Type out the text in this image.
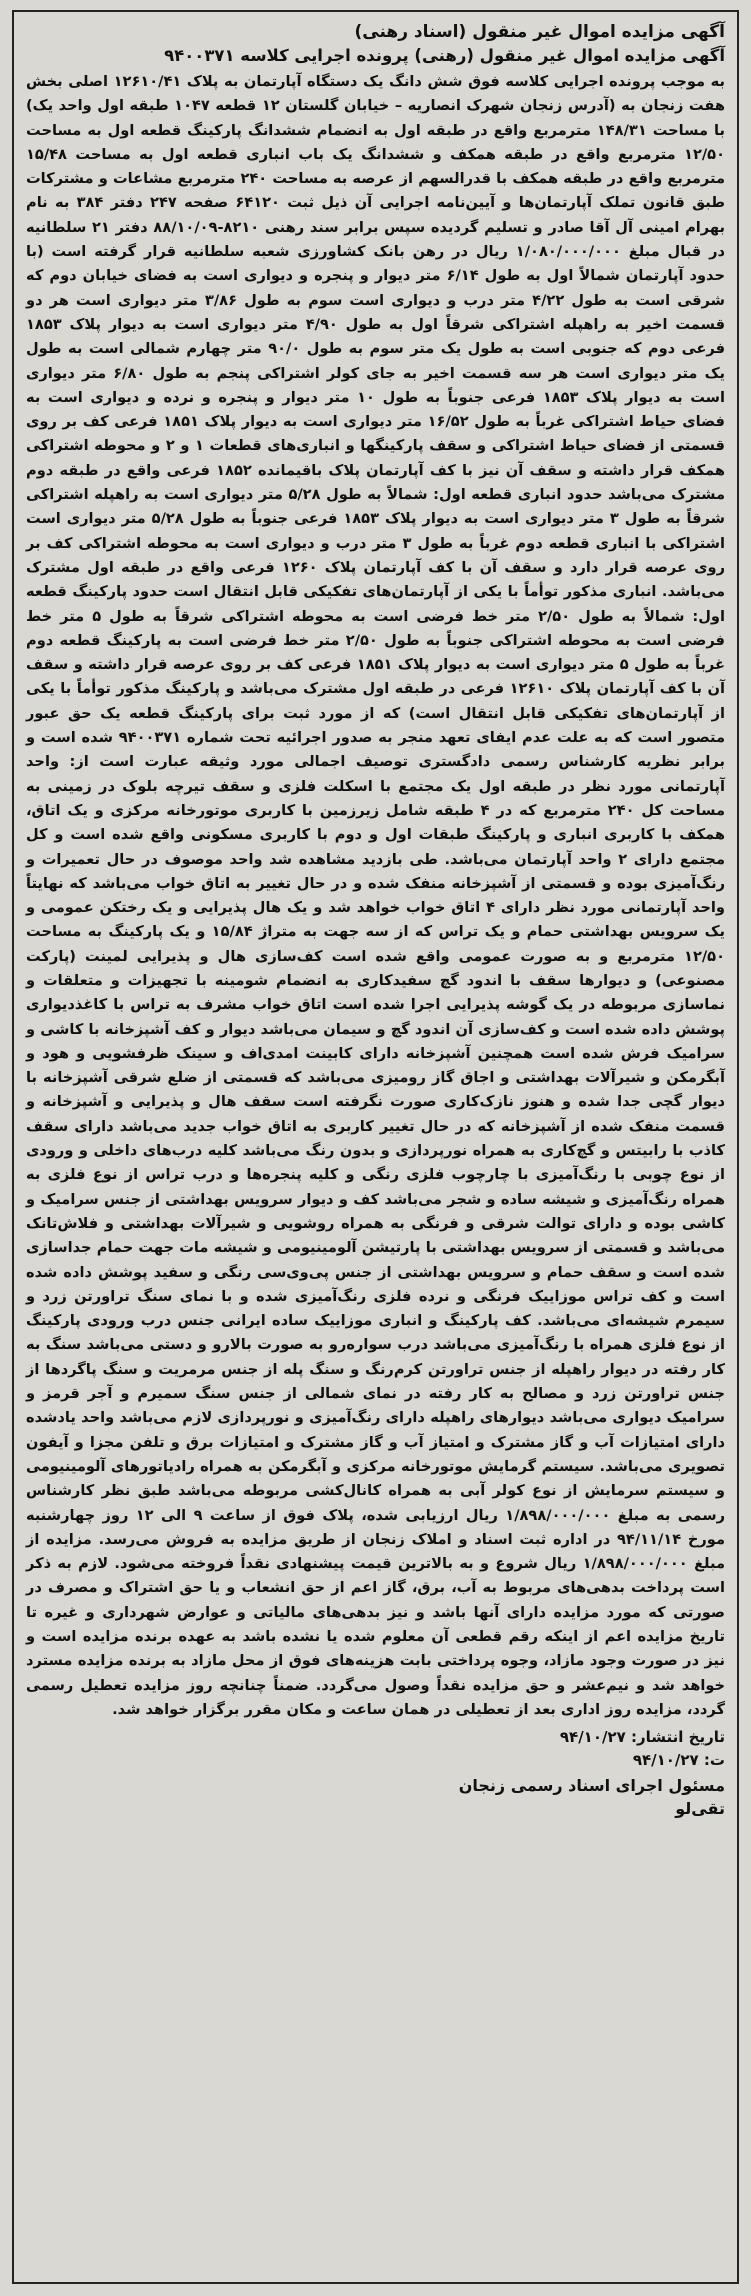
آگهی مزایده اموال غیر منقول (اسناد رهنی)

آگهی مزایده اموال غیر منقول (رهنی) پرونده اجرایی کلاسه ۹۴۰۰۳۷۱

به موجب پرونده اجرایی کلاسه فوق شش دانگ یک دستگاه آپارتمان به پلاک ۱۲۶۱۰/۴۱ اصلی بخش هفت زنجان به (آدرس زنجان شهرک انصاریه – خیابان گلستان ۱۲ قطعه ۱۰۴۷ طبقه اول واحد یک) با مساحت ۱۴۸/۳۱ مترمربع واقع در طبقه اول به انضمام ششدانگ پارکینگ قطعه اول به مساحت ۱۲/۵۰ مترمربع واقع در طبقه همکف و ششدانگ یک باب انباری قطعه اول به مساحت ۱۵/۴۸ مترمربع واقع در طبقه همکف با قدرالسهم از عرصه به مساحت ۲۴۰ مترمربع مشاعات و مشترکات طبق قانون تملک آپارتمان‌ها و آیین‌نامه اجرایی آن ذیل ثبت ۶۴۱۲۰ صفحه ۲۴۷ دفتر ۳۸۴ به نام بهرام امینی آل آقا صادر و تسلیم گردیده سپس برابر سند رهنی ۸۲۱۰-۸۸/۱۰/۰۹ دفتر ۲۱ سلطانیه در قبال مبلغ ۱/۰۸۰/۰۰۰/۰۰۰ ریال در رهن بانک کشاورزی شعبه سلطانیه قرار گرفته است (با حدود آپارتمان شمالاً اول به طول ۶/۱۴ متر دیوار و پنجره و دیواری است به فضای خیابان دوم که شرقی است به طول ۴/۲۲ متر درب و دیواری است سوم به طول ۳/۸۶ متر دیواری است هر دو قسمت اخیر به راهپله اشتراکی شرقاً اول به طول ۴/۹۰ متر دیواری است به دیوار پلاک ۱۸۵۳ فرعی دوم که جنوبی است به طول یک متر سوم به طول ۹۰/۰ متر چهارم شمالی است به طول یک متر دیواری است هر سه قسمت اخیر به جای کولر اشتراکی پنجم به طول ۶/۸۰ متر دیواری است به دیوار پلاک ۱۸۵۳ فرعی جنوباً به طول ۱۰ متر دیوار و پنجره و نرده و دیواری است به فضای حیاط اشتراکی غرباً به طول ۱۶/۵۲ متر دیواری است به دیوار پلاک ۱۸۵۱ فرعی کف بر روی قسمتی از فضای حیاط اشتراکی و سقف پارکینگها و انباری‌های قطعات ۱ و ۲ و محوطه اشتراکی همکف قرار داشته و سقف آن نیز با کف آپارتمان پلاک باقیمانده ۱۸۵۲ فرعی واقع در طبقه دوم مشترک می‌باشد حدود انباری قطعه اول: شمالاً به طول ۵/۲۸ متر دیواری است به راهپله اشتراکی شرقاً به طول ۳ متر دیواری است به دیوار پلاک ۱۸۵۳ فرعی جنوباً به طول ۵/۲۸ متر دیواری است اشتراکی با انباری قطعه دوم غرباً به طول ۳ متر درب و دیواری است به محوطه اشتراکی کف بر روی عرصه قرار دارد و سقف آن با کف آپارتمان پلاک ۱۲۶۰ فرعی واقع در طبقه اول مشترک می‌باشد. انباری مذکور توأماً با یکی از آپارتمان‌های تفکیکی قابل انتقال است حدود پارکینگ قطعه اول: شمالاً به طول ۲/۵۰ متر خط فرضی است به محوطه اشتراکی شرقاً به طول ۵ متر خط فرضی است به محوطه اشتراکی جنوباً به طول ۲/۵۰ متر خط فرضی است به پارکینگ قطعه دوم غرباً به طول ۵ متر دیواری است به دیوار پلاک ۱۸۵۱ فرعی کف بر روی عرصه قرار داشته و سقف آن با کف آپارتمان پلاک ۱۲۶۱۰ فرعی در طبقه اول مشترک می‌باشد و پارکینگ مذکور توأماً با یکی از آپارتمان‌های تفکیکی قابل انتقال است) که از مورد ثبت برای پارکینگ قطعه یک حق عبور متصور است که به علت عدم ایفای تعهد منجر به صدور اجرائیه تحت شماره ۹۴۰۰۳۷۱ شده است و برابر نظریه کارشناس رسمی دادگستری توصیف اجمالی مورد وثیقه عبارت است از: واحد آپارتمانی مورد نظر در طبقه اول یک مجتمع با اسکلت فلزی و سقف تیرچه بلوک در زمینی به مساحت کل ۲۴۰ مترمربع که در ۴ طبقه شامل زیرزمین با کاربری موتورخانه مرکزی و یک اتاق، همکف با کاربری انباری و پارکینگ طبقات اول و دوم با کاربری مسکونی واقع شده است و کل مجتمع دارای ۲ واحد آپارتمان می‌باشد. طی بازدید مشاهده شد واحد موصوف در حال تعمیرات و رنگ‌آمیزی بوده و قسمتی از آشپزخانه منفک شده و در حال تغییر به اتاق خواب می‌باشد که نهایتاً واحد آپارتمانی مورد نظر دارای ۴ اتاق خواب خواهد شد و یک هال پذیرایی و یک رختکن عمومی و یک سرویس بهداشتی حمام و یک تراس که از سه جهت به متراژ ۱۵/۸۴ و یک پارکینگ به مساحت ۱۲/۵۰ مترمربع و به صورت عمومی واقع شده است کف‌سازی هال و پذیرایی لمینت (پارکت مصنوعی) و دیوارها سقف با اندود گچ سفیدکاری به انضمام شومینه با تجهیزات و متعلقات و نماسازی مربوطه در یک گوشه پذیرایی اجرا شده است اتاق خواب مشرف به تراس با کاغذدیواری پوشش داده شده است و کف‌سازی آن اندود گچ و سیمان می‌باشد دیوار و کف آشپزخانه با کاشی و سرامیک فرش شده است همچنین آشپزخانه دارای کابینت امدی‌اف و سینک ظرفشویی و هود و آبگرمکن و شیرآلات بهداشتی و اجاق گاز رومیزی می‌باشد که قسمتی از ضلع شرقی آشپزخانه با دیوار گچی جدا شده و هنوز نازک‌کاری صورت نگرفته است سقف هال و پذیرایی و آشپزخانه و قسمت منفک شده از آشپزخانه که در حال تغییر کاربری به اتاق خواب جدید می‌باشد دارای سقف کاذب با رابیتس و گچ‌کاری به همراه نورپردازی و بدون رنگ می‌باشد کلیه درب‌های داخلی و ورودی از نوع چوبی با رنگ‌آمیزی با چارچوب فلزی رنگی و کلیه پنجره‌ها و درب تراس از نوع فلزی به همراه رنگ‌آمیزی و شیشه ساده و شجر می‌باشد کف و دیوار سرویس بهداشتی از جنس سرامیک و کاشی بوده و دارای توالت شرقی و فرنگی به همراه روشویی و شیرآلات بهداشتی و فلاش‌تانک می‌باشد و قسمتی از سرویس بهداشتی با پارتیشن آلومینیومی و شیشه مات جهت حمام جداسازی شده است و سقف حمام و سرویس بهداشتی از جنس پی‌وی‌سی رنگی و سفید پوشش داده شده است و کف تراس موزاییک فرنگی و نرده فلزی رنگ‌آمیزی شده و با نمای سنگ تراورتن زرد و سیمرم شیشه‌ای می‌باشد. کف پارکینگ و انباری موزاییک ساده ایرانی جنس درب ورودی پارکینگ از نوع فلزی همراه با رنگ‌آمیزی می‌باشد درب سواره‌رو به صورت بالارو و دستی می‌باشد سنگ به کار رفته در دیوار راهپله از جنس تراورتن کرم‌رنگ و سنگ پله از جنس مرمریت و سنگ پاگردها از جنس تراورتن زرد و مصالح به کار رفته در نمای شمالی از جنس سنگ سمیرم و آجر قرمز و سرامیک دیواری می‌باشد دیوارهای راهپله دارای رنگ‌آمیزی و نورپردازی لازم می‌باشد واحد یادشده دارای امتیازات آب و گاز مشترک و امتیاز آب و گاز مشترک و امتیازات برق و تلفن مجزا و آیفون تصویری می‌باشد. سیستم گرمایش موتورخانه مرکزی و آبگرمکن به همراه رادیاتورهای آلومینیومی و سیستم سرمایش از نوع کولر آبی به همراه کانال‌کشی مربوطه می‌باشد طبق نظر کارشناس رسمی به مبلغ ۱/۸۹۸/۰۰۰/۰۰۰ ریال ارزیابی شده، پلاک فوق از ساعت ۹ الی ۱۲ روز چهارشنبه مورخ ۹۴/۱۱/۱۴ در اداره ثبت اسناد و املاک زنجان از طریق مزایده به فروش می‌رسد. مزایده از مبلغ ۱/۸۹۸/۰۰۰/۰۰۰ ریال شروع و به بالاترین قیمت پیشنهادی نقداً فروخته می‌شود. لازم به ذکر است پرداخت بدهی‌های مربوط به آب، برق، گاز اعم از حق انشعاب و یا حق اشتراک و مصرف در صورتی که مورد مزایده دارای آنها باشد و نیز بدهی‌های مالیاتی و عوارض شهرداری و غیره تا تاریخ مزایده اعم از اینکه رقم قطعی آن معلوم شده یا نشده باشد به عهده برنده مزایده است و نیز در صورت وجود مازاد، وجوه پرداختی بابت هزینه‌های فوق از محل مازاد به برنده مزایده مسترد خواهد شد و نیم‌عشر و حق مزایده نقداً وصول می‌گردد. ضمناً چنانچه روز مزایده تعطیل رسمی گردد، مزایده روز اداری بعد از تعطیلی در همان ساعت و مکان مقرر برگزار خواهد شد.

تاریخ انتشار: ۹۴/۱۰/۲۷
ت: ۹۴/۱۰/۲۷
مسئول اجرای اسناد رسمی زنجان
تقی‌لو
